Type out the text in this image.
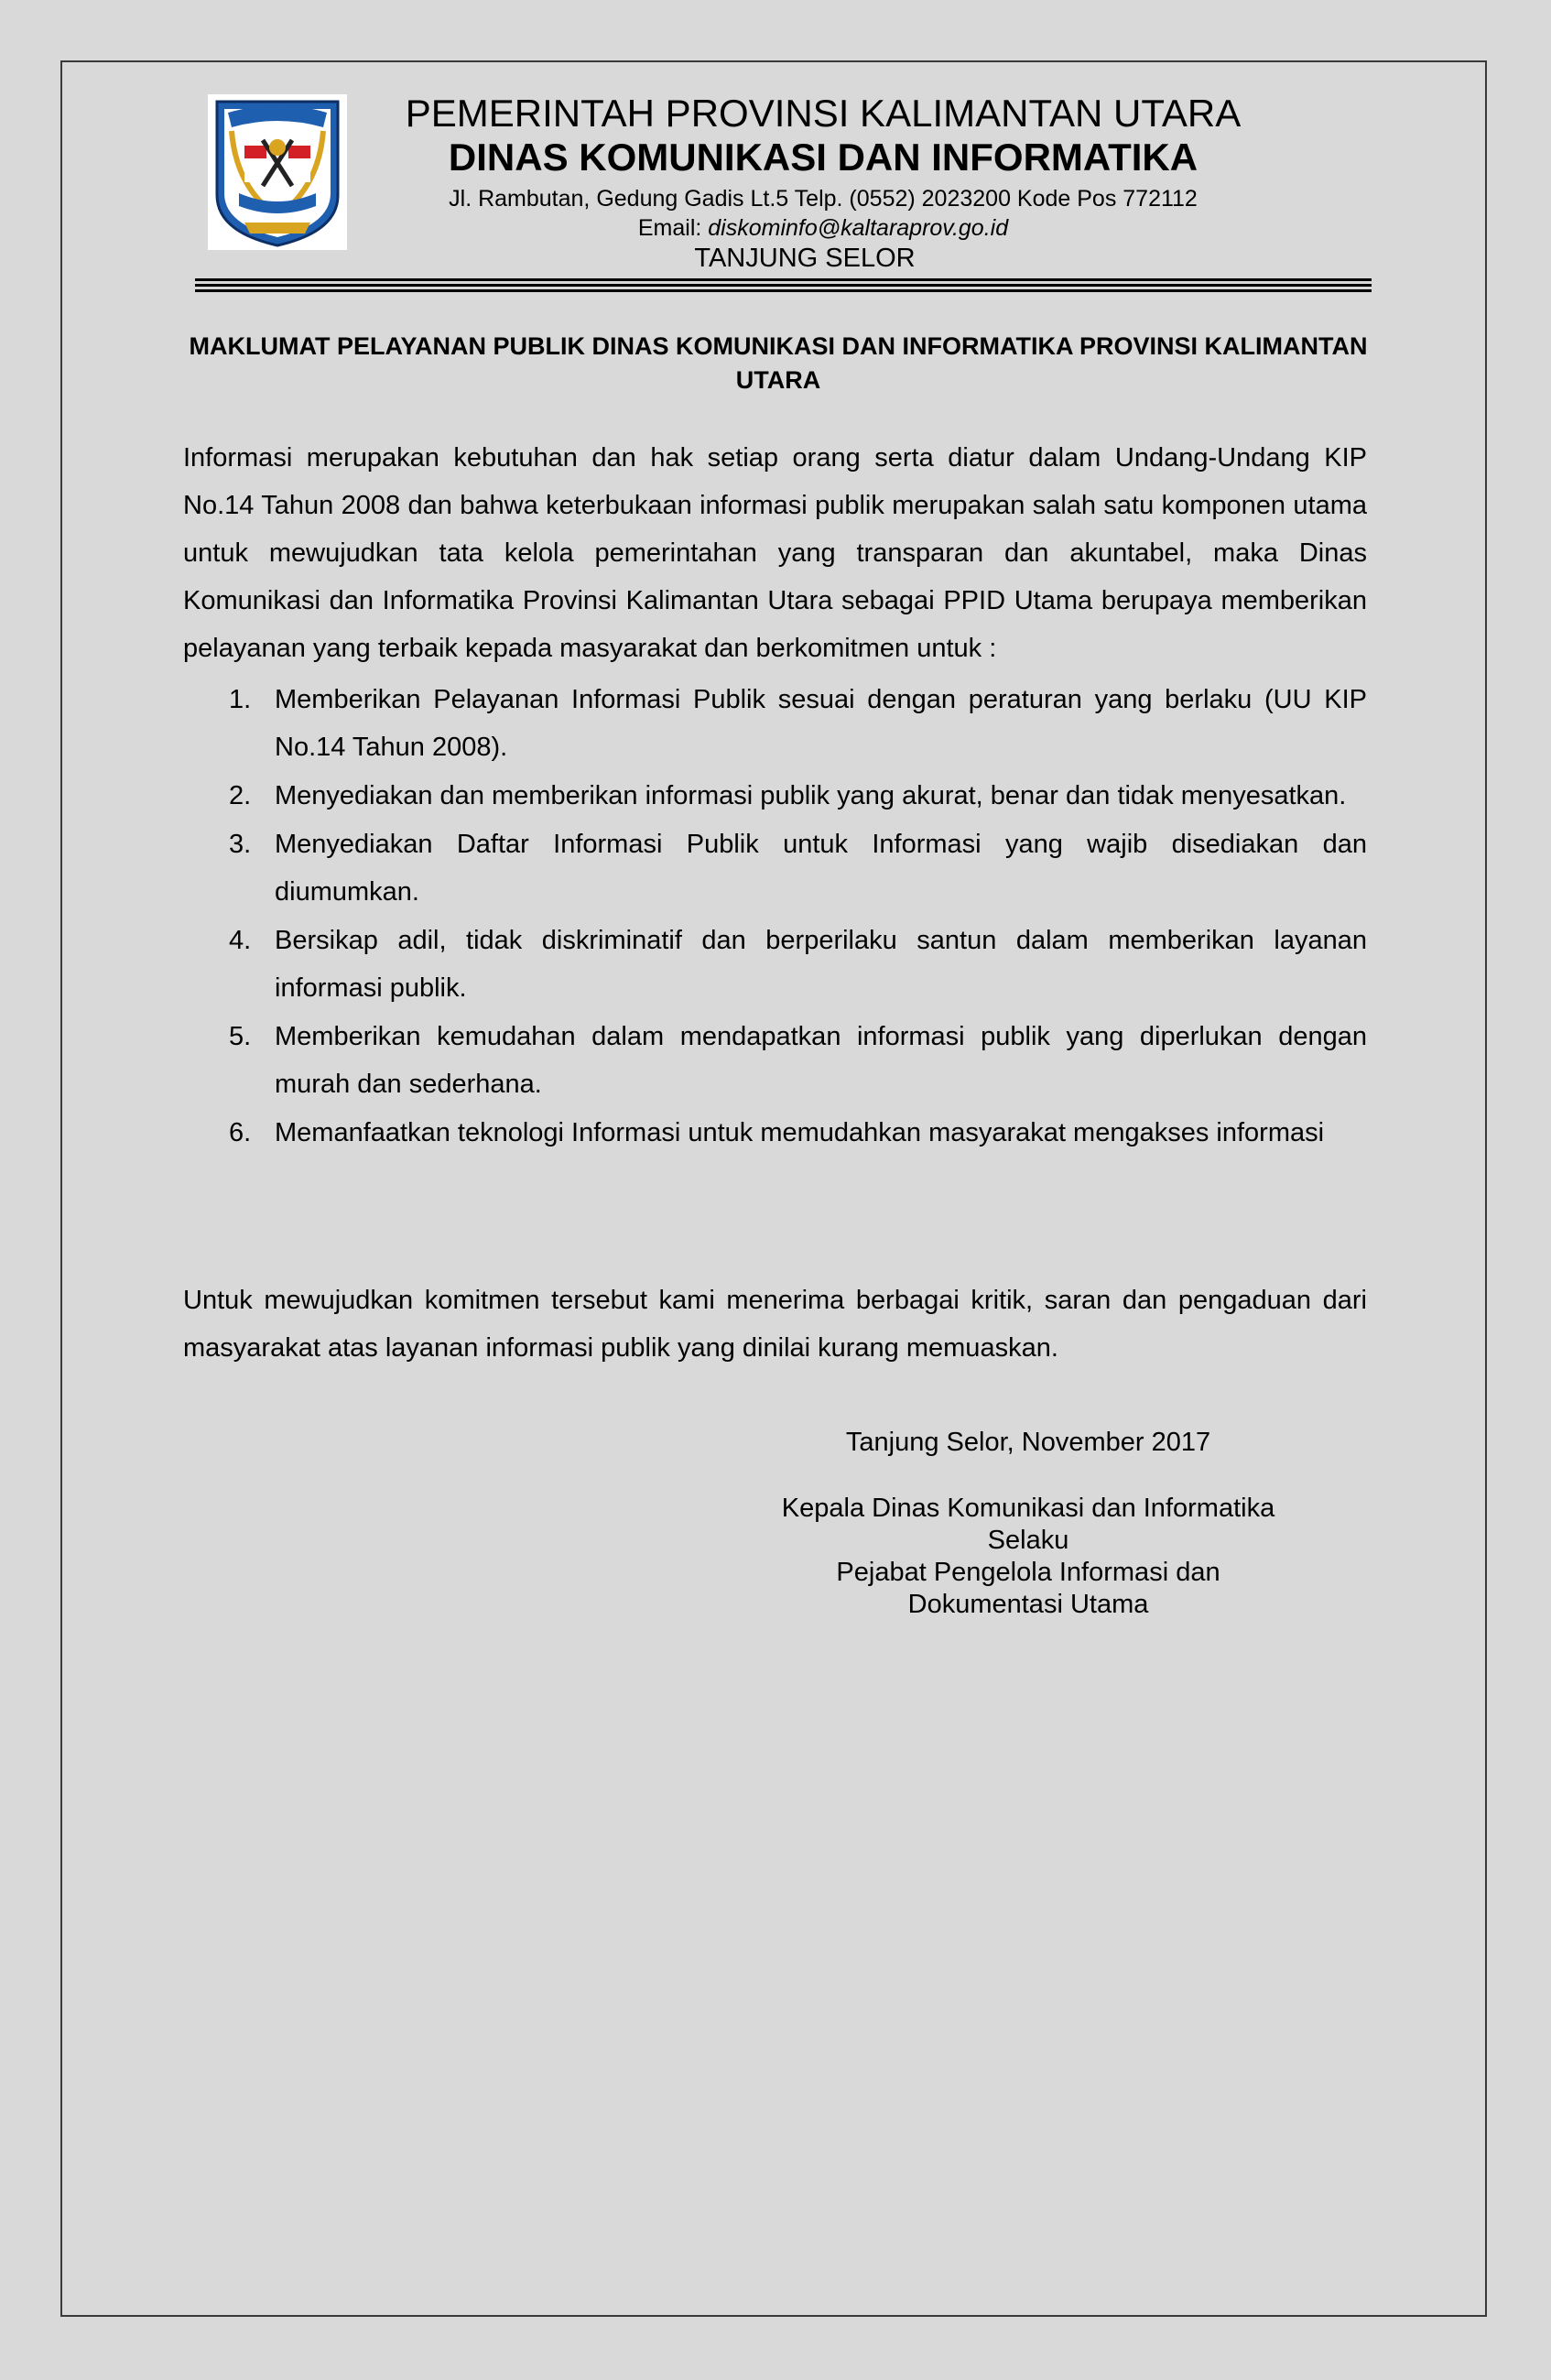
PEMERINTAH PROVINSI KALIMANTAN UTARA
DINAS KOMUNIKASI DAN INFORMATIKA
Jl. Rambutan, Gedung Gadis Lt.5 Telp. (0552) 2023200 Kode Pos 772112
Email: diskominfo@kaltaraprov.go.id
TANJUNG SELOR
MAKLUMAT PELAYANAN PUBLIK DINAS KOMUNIKASI DAN INFORMATIKA PROVINSI KALIMANTAN UTARA
Informasi merupakan kebutuhan dan hak setiap orang serta diatur dalam Undang-Undang KIP No.14 Tahun 2008 dan bahwa keterbukaan informasi publik merupakan salah satu komponen utama untuk mewujudkan tata kelola pemerintahan yang transparan dan akuntabel, maka Dinas Komunikasi dan Informatika Provinsi Kalimantan Utara sebagai PPID Utama berupaya memberikan pelayanan yang terbaik kepada masyarakat dan berkomitmen untuk :
1. Memberikan Pelayanan Informasi Publik sesuai dengan peraturan yang berlaku (UU KIP No.14 Tahun 2008).
2. Menyediakan dan memberikan informasi publik yang akurat, benar dan tidak menyesatkan.
3. Menyediakan Daftar Informasi Publik untuk Informasi yang wajib disediakan dan diumumkan.
4. Bersikap adil, tidak diskriminatif dan berperilaku santun dalam memberikan layanan informasi publik.
5. Memberikan kemudahan dalam mendapatkan informasi publik yang diperlukan dengan murah dan sederhana.
6. Memanfaatkan teknologi Informasi untuk memudahkan masyarakat mengakses informasi
Untuk mewujudkan komitmen tersebut kami menerima berbagai kritik, saran dan pengaduan dari masyarakat atas layanan informasi publik yang dinilai kurang memuaskan.
Tanjung Selor, November 2017
Kepala Dinas Komunikasi dan Informatika
Selaku
Pejabat Pengelola Informasi dan
Dokumentasi Utama
